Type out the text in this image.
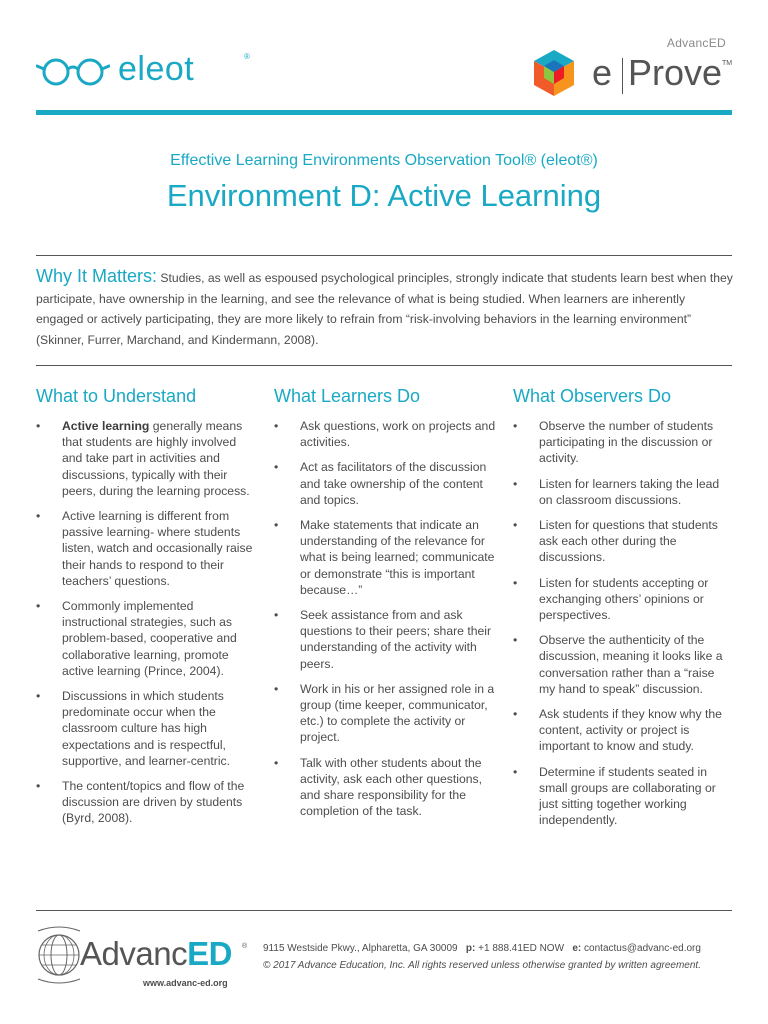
eleot	®
AdvancED
e Prove TM
Effective Learning Environments Observation Tool® (eleot®)
Environment D: Active Learning
Why It Matters: Studies, as well as espoused psychological principles, strongly indicate that students learn best when they participate, have ownership in the learning, and see the relevance of what is being studied. When learners are inherently engaged or actively participating, they are more likely to refrain from “risk-involving behaviors in the learning environment” (Skinner, Furrer, Marchand, and Kindermann, 2008).
What to Understand
• Active learning generally means that students are highly involved and take part in activities and discussions, typically with their peers, during the learning process.
• Active learning is different from passive learning- where students listen, watch and occasionally raise their hands to respond to their teachers’ questions.
• Commonly implemented instructional strategies, such as problem-based, cooperative and collaborative learning, promote active learning (Prince, 2004).
• Discussions in which students predominate occur when the classroom culture has high expectations and is respectful, supportive, and learner-centric.
• The content/topics and flow of the discussion are driven by students (Byrd, 2008).
What Learners Do
• Ask questions, work on projects and activities.
• Act as facilitators of the discussion and take ownership of the content and topics.
• Make statements that indicate an understanding of the relevance for what is being learned; communicate or demonstrate “this is important because…”
• Seek assistance from and ask questions to their peers; share their understanding of the activity with peers.
• Work in his or her assigned role in a group (time keeper, communicator, etc.) to complete the activity or project.
• Talk with other students about the activity, ask each other questions, and share responsibility for the completion of the task.
What Observers Do
• Observe the number of students participating in the discussion or activity.
• Listen for learners taking the lead on classroom discussions.
• Listen for questions that students ask each other during the discussions.
• Listen for students accepting or exchanging others’ opinions or perspectives.
• Observe the authenticity of the discussion, meaning it looks like a conversation rather than a “raise my hand to speak” discussion.
• Ask students if they know why the content, activity or project is important to know and study.
• Determine if students seated in small groups are collaborating or just sitting together working independently.
AdvancED ®
www.advanc-ed.org
9115 Westside Pkwy., Alpharetta, GA 30009 p: +1 888.41ED NOW e: contactus@advanc-ed.org
© 2017 Advance Education, Inc. All rights reserved unless otherwise granted by written agreement.
